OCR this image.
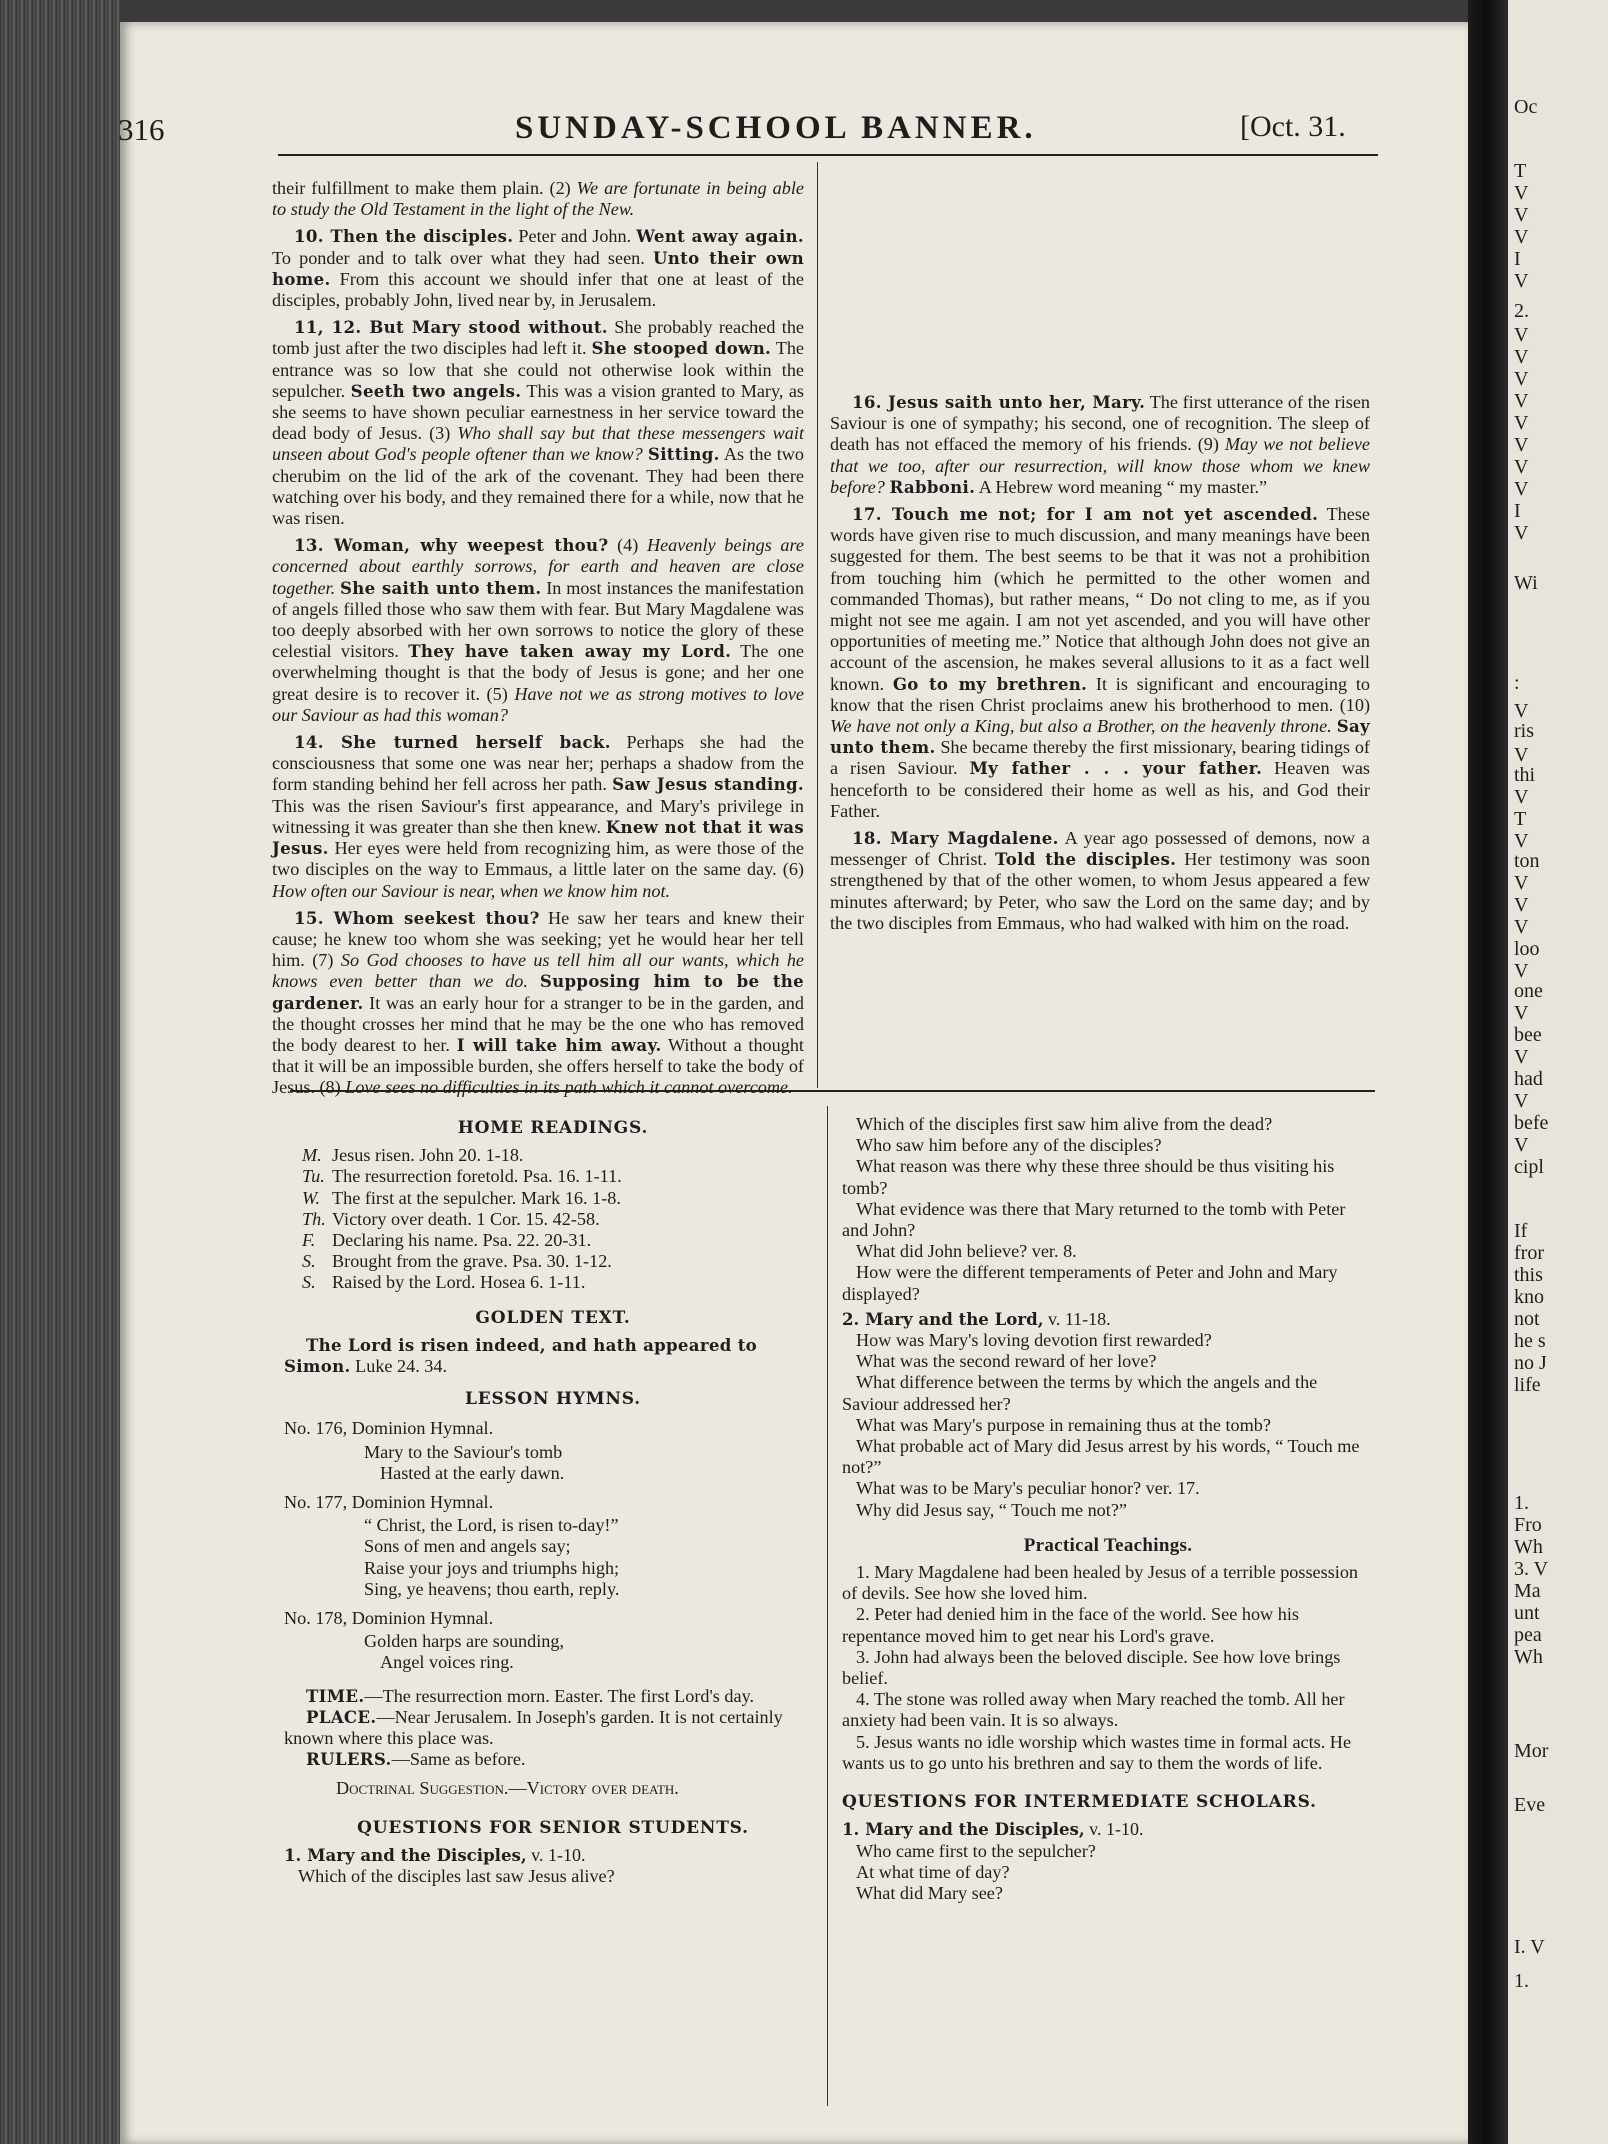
Oc
T
V
V
V
I
V
2.
V
V
V
V
V
V
V
V
I
V
Wi
:
V
ris
V
thi
V
T
V
ton
V
V
V
loo
V
one
V
bee
V
had
V
befe
V
cipl
If
fror
this
kno
not
he s
no J
life
1.
Fro
Wh
3. V
Ma
unt
pea
Wh
Mor
Eve
I. V
1.
316	SUNDAY-SCHOOL BANNER.	[Oct. 31.

their fulfillment to make them plain. (2) We are fortunate in being able to study the Old Testament in the light of the New.

10. Then the disciples. Peter and John. Went away again. To ponder and to talk over what they had seen. Unto their own home. From this account we should infer that one at least of the disciples, probably John, lived near by, in Jerusalem.

11, 12. But Mary stood without. She probably reached the tomb just after the two disciples had left it. She stooped down. The entrance was so low that she could not otherwise look within the sepulcher. Seeth two angels. This was a vision granted to Mary, as she seems to have shown peculiar earnestness in her service toward the dead body of Jesus. (3) Who shall say but that these messengers wait unseen about God's people oftener than we know? Sitting. As the two cherubim on the lid of the ark of the covenant. They had been there watching over his body, and they remained there for a while, now that he was risen.

13. Woman, why weepest thou? (4) Heavenly beings are concerned about earthly sorrows, for earth and heaven are close together. She saith unto them. In most instances the manifestation of angels filled those who saw them with fear. But Mary Magdalene was too deeply absorbed with her own sorrows to notice the glory of these celestial visitors. They have taken away my Lord. The one overwhelming thought is that the body of Jesus is gone; and her one great desire is to recover it. (5) Have not we as strong motives to love our Saviour as had this woman?

14. She turned herself back. Perhaps she had the consciousness that some one was near her; perhaps a shadow from the form standing behind her fell across her path. Saw Jesus standing. This was the risen Saviour's first appearance, and Mary's privilege in witnessing it was greater than she then knew. Knew not that it was Jesus. Her eyes were held from recognizing him, as were those of the two disciples on the way to Emmaus, a little later on the same day. (6) How often our Saviour is near, when we know him not.

15. Whom seekest thou? He saw her tears and knew their cause; he knew too whom she was seeking; yet he would hear her tell him. (7) So God chooses to have us tell him all our wants, which he knows even better than we do. Supposing him to be the gardener. It was an early hour for a stranger to be in the garden, and the thought crosses her mind that he may be the one who has removed the body dearest to her. I will take him away. Without a thought that it will be an impossible burden, she offers herself to take the body of Jesus. (8) Love sees no difficulties in its path which it cannot overcome.

16. Jesus saith unto her, Mary. The first utterance of the risen Saviour is one of sympathy; his second, one of recognition. The sleep of death has not effaced the memory of his friends. (9) May we not believe that we too, after our resurrection, will know those whom we knew before? Rabboni. A Hebrew word meaning “ my master.”

17. Touch me not; for I am not yet ascended. These words have given rise to much discussion, and many meanings have been suggested for them. The best seems to be that it was not a prohibition from touching him (which he permitted to the other women and commanded Thomas), but rather means, “ Do not cling to me, as if you might not see me again. I am not yet ascended, and you will have other opportunities of meeting me.” Notice that although John does not give an account of the ascension, he makes several allusions to it as a fact well known. Go to my brethren. It is significant and encouraging to know that the risen Christ proclaims anew his brotherhood to men. (10) We have not only a King, but also a Brother, on the heavenly throne. Say unto them. She became thereby the first missionary, bearing tidings of a risen Saviour. My father . . . your father. Heaven was henceforth to be considered their home as well as his, and God their Father.

18. Mary Magdalene. A year ago possessed of demons, now a messenger of Christ. Told the disciples. Her testimony was soon strengthened by that of the other women, to whom Jesus appeared a few minutes afterward; by Peter, who saw the Lord on the same day; and by the two disciples from Emmaus, who had walked with him on the road.

HOME READINGS.
M. Jesus risen. John 20. 1-18.
Tu. The resurrection foretold. Psa. 16. 1-11.
W. The first at the sepulcher. Mark 16. 1-8.
Th. Victory over death. 1 Cor. 15. 42-58.
F. Declaring his name. Psa. 22. 20-31.
S. Brought from the grave. Psa. 30. 1-12.
S. Raised by the Lord. Hosea 6. 1-11.
GOLDEN TEXT.
The Lord is risen indeed, and hath appeared to Simon. Luke 24. 34.
LESSON HYMNS.
No. 176, Dominion Hymnal.
Mary to the Saviour's tomb
Hasted at the early dawn.
No. 177, Dominion Hymnal.
“ Christ, the Lord, is risen to-day!”
Sons of men and angels say;
Raise your joys and triumphs high;
Sing, ye heavens; thou earth, reply.
No. 178, Dominion Hymnal.
Golden harps are sounding,
Angel voices ring.
TIME.—The resurrection morn. Easter. The first Lord's day.
PLACE.—Near Jerusalem. In Joseph's garden. It is not certainly known where this place was.
RULERS.—Same as before.
Doctrinal Suggestion.—Victory over death.
QUESTIONS FOR SENIOR STUDENTS.
1. Mary and the Disciples, v. 1-10.
Which of the disciples last saw Jesus alive?
Which of the disciples first saw him alive from the dead?
Who saw him before any of the disciples?
What reason was there why these three should be thus visiting his tomb?
What evidence was there that Mary returned to the tomb with Peter and John?
What did John believe? ver. 8.
How were the different temperaments of Peter and John and Mary displayed?
2. Mary and the Lord, v. 11-18.
How was Mary's loving devotion first rewarded?
What was the second reward of her love?
What difference between the terms by which the angels and the Saviour addressed her?
What was Mary's purpose in remaining thus at the tomb?
What probable act of Mary did Jesus arrest by his words, “ Touch me not?”
What was to be Mary's peculiar honor? ver. 17.
Why did Jesus say, “ Touch me not?”
Practical Teachings.
1. Mary Magdalene had been healed by Jesus of a terrible possession of devils. See how she loved him.
2. Peter had denied him in the face of the world. See how his repentance moved him to get near his Lord's grave.
3. John had always been the beloved disciple. See how love brings belief.
4. The stone was rolled away when Mary reached the tomb. All her anxiety had been vain. It is so always.
5. Jesus wants no idle worship which wastes time in formal acts. He wants us to go unto his brethren and say to them the words of life.
QUESTIONS FOR INTERMEDIATE SCHOLARS.
1. Mary and the Disciples, v. 1-10.
Who came first to the sepulcher?
At what time of day?
What did Mary see?
